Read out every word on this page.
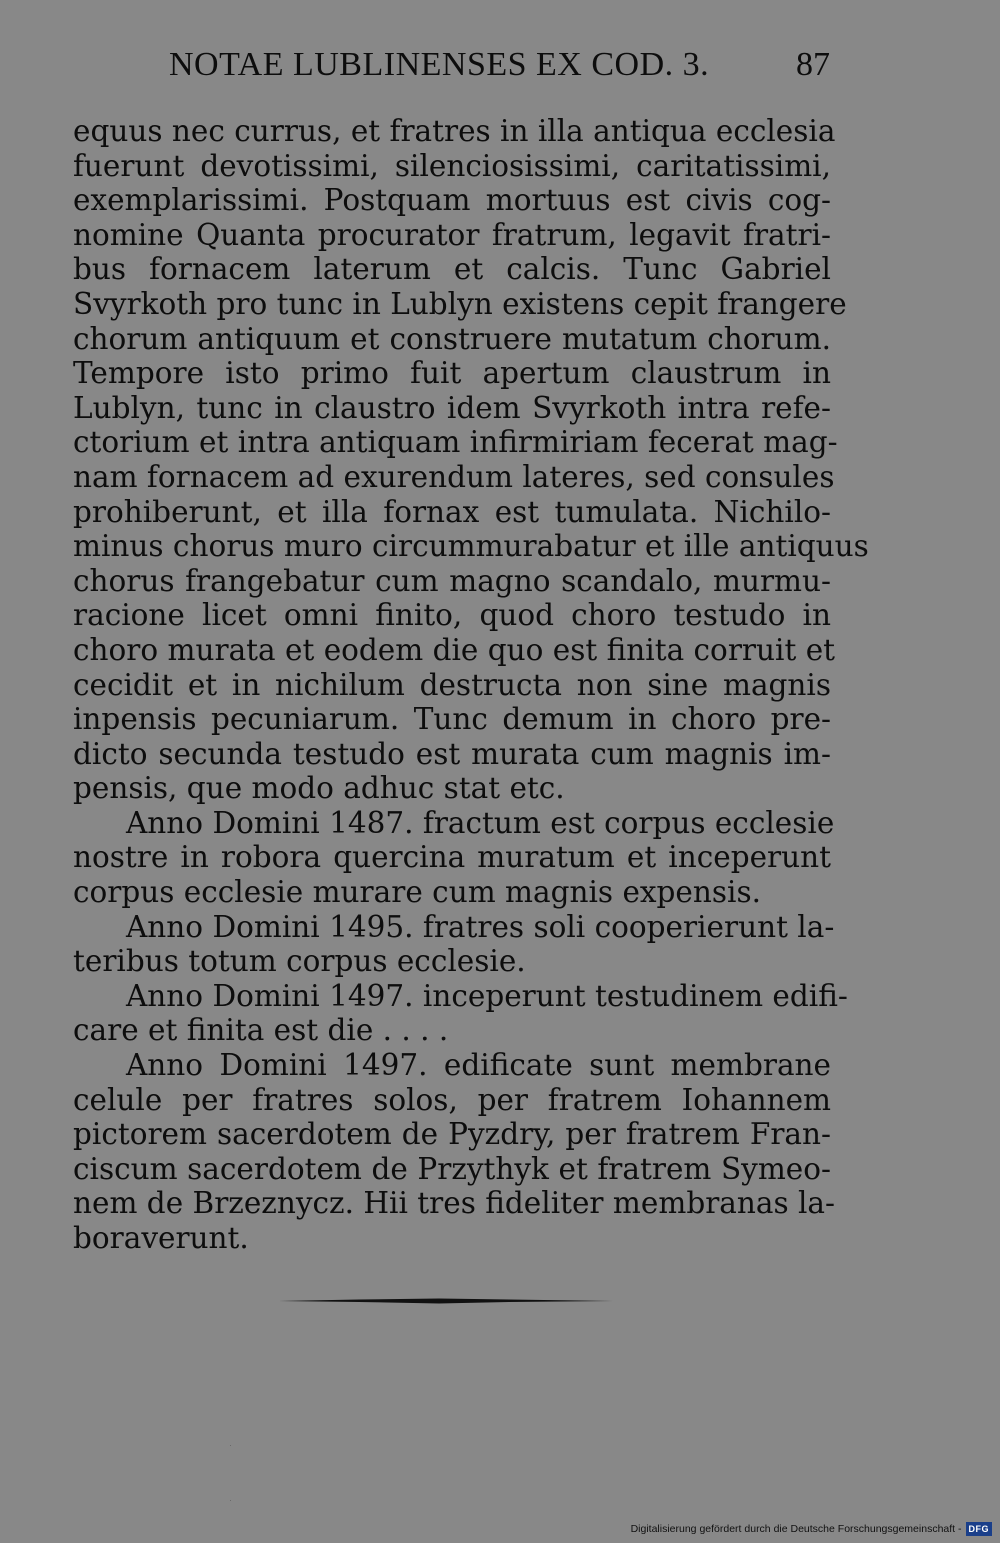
NOTAE LUBLINENSES EX COD. 3.	87
equus nec currus, et fratres in illa antiqua ecclesia
fuerunt devotissimi, silenciosissimi, caritatissimi,
exemplarissimi. Postquam mortuus est civis cog-
nomine Quanta procurator fratrum, legavit fratri-
bus fornacem laterum et calcis. Tunc Gabriel
Svyrkoth pro tunc in Lublyn existens cepit frangere
chorum antiquum et construere mutatum chorum.
Tempore isto primo fuit apertum claustrum in
Lublyn, tunc in claustro idem Svyrkoth intra refe-
ctorium et intra antiquam infirmiriam fecerat mag-
nam fornacem ad exurendum lateres, sed consules
prohiberunt, et illa fornax est tumulata. Nichilo-
minus chorus muro circummurabatur et ille antiquus
chorus frangebatur cum magno scandalo, murmu-
racione licet omni finito, quod choro testudo in
choro murata et eodem die quo est finita corruit et
cecidit et in nichilum destructa non sine magnis
inpensis pecuniarum. Tunc demum in choro pre-
dicto secunda testudo est murata cum magnis im-
pensis, que modo adhuc stat etc.
Anno Domini 1487. fractum est corpus ecclesie
nostre in robora quercina muratum et inceperunt
corpus ecclesie murare cum magnis expensis.
Anno Domini 1495. fratres soli cooperierunt la-
teribus totum corpus ecclesie.
Anno Domini 1497. inceperunt testudinem edifi-
care et finita est die . . . .
Anno Domini 1497. edificate sunt membrane
celule per fratres solos, per fratrem Iohannem
pictorem sacerdotem de Pyzdry, per fratrem Fran-
ciscum sacerdotem de Przythyk et fratrem Symeo-
nem de Brzeznycz. Hii tres fideliter membranas la-
boraverunt.
Digitalisierung gefördert durch die Deutsche Forschungsgemeinschaft - DFG
